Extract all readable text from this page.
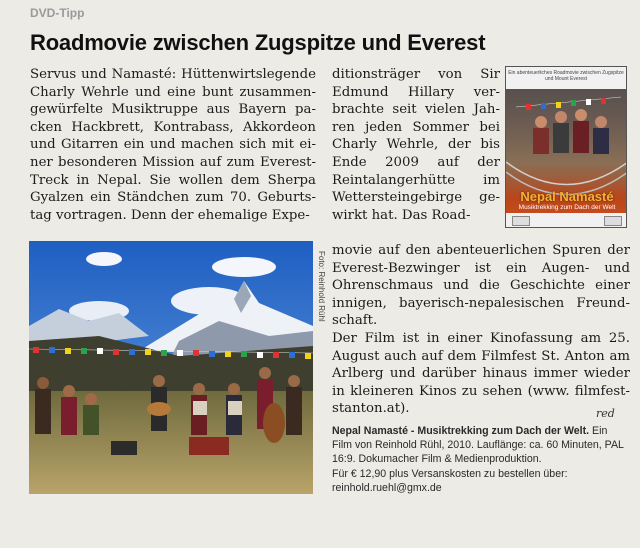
DVD-Tipp
Roadmovie zwischen Zugspitze und Everest
Servus und Namasté: Hüttenwirtslegende Charly Wehrle und eine bunt zusammengewürfelte Musiktruppe aus Bayern packen Hackbrett, Kontrabass, Akkordeon und Gitarren ein und machen sich mit einer besonderen Mission auf zum Everest-Treck in Nepal. Sie wollen dem Sherpa Gyalzen ein Ständchen zum 70. Geburtstag vortragen. Denn der ehemalige Expe-
ditionsträger von Sir Edmund Hillary verbrachte seit vielen Jahren jeden Sommer bei Charly Wehrle, der bis Ende 2009 auf der Reintalangerhütte im Wettersteingebirge gewirkt hat. Das Road-

movie auf den abenteuerlichen Spuren der Everest-Bezwinger ist ein Augen- und Ohrenschmaus und die Geschichte einer innigen, bayerisch-nepalesischen Freundschaft.

Der Film ist in einer Kinofassung am 25. August auch auf dem Filmfest St. Anton am Arlberg und darüber hinaus immer wieder in kleineren Kinos zu sehen (www. filmfest-stanton.at).	red
Nepal Namasté - Musiktrekking zum Dach der Welt. Ein Film von Reinhold Rühl, 2010. Lauflänge: ca. 60 Minuten, PAL 16:9. Dokumacher Film & Medienproduktion.
Für € 12,90 plus Versanskosten zu bestellen über: reinhold.ruehl@gmx.de
Ein abenteuerliches Roadmovie zwischen Zugspitze und Mount Everest
Nepal Namasté
Musiktrekking zum Dach der Welt
Foto: Reinhold Rühl
